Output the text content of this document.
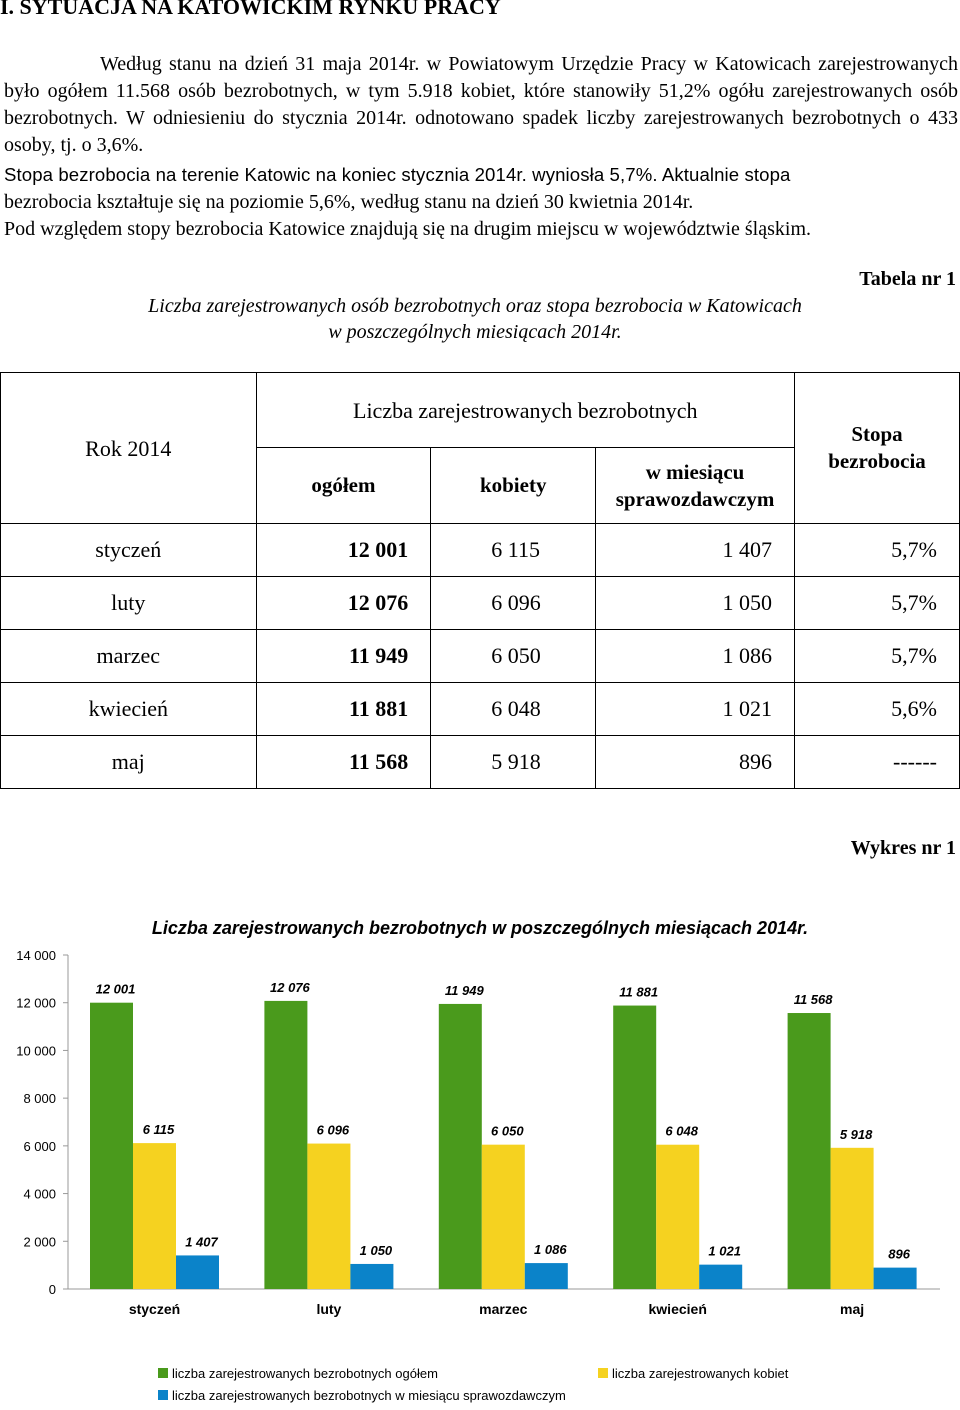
I. SYTUACJA NA KATOWICKIM RYNKU PRACY
Według stanu na dzień 31 maja 2014r. w Powiatowym Urzędzie Pracy w Katowicach zarejestrowanych było ogółem 11.568 osób bezrobotnych, w tym 5.918 kobiet, które stanowiły 51,2% ogółu zarejestrowanych osób bezrobotnych. W odniesieniu do stycznia 2014r. odnotowano spadek liczby zarejestrowanych bezrobotnych o 433 osoby, tj. o 3,6%.
Stopa bezrobocia na terenie Katowic na koniec stycznia 2014r. wyniosła 5,7%. Aktualnie stopa
bezrobocia kształtuje się na poziomie 5,6%, według stanu na dzień 30 kwietnia 2014r.
Pod względem stopy bezrobocia Katowice znajdują się na drugim miejscu w województwie śląskim.
Tabela nr 1
Liczba zarejestrowanych osób bezrobotnych oraz stopa bezrobocia w Katowicach
w poszczególnych miesiącach 2014r.
Rok 2014	Liczba zarejestrowanych bezrobotnych			Stopa bezrobocia
	ogółem	kobiety	w miesiącu sprawozdawczym	
styczeń	12 001	6 115	1 407	5,7%
luty	12 076	6 096	1 050	5,7%
marzec	11 949	6 050	1 086	5,7%
kwiecień	11 881	6 048	1 021	5,6%
maj	11 568	5 918	896	------
Wykres nr 1
Liczba zarejestrowanych bezrobotnych w poszczególnych miesiącach 2014r.
0
2 000
4 000
6 000
8 000
10 000
12 000
14 000
12 001
6 115
1 407
styczeń
12 076
6 096
1 050
luty
11 949
6 050
1 086
marzec
11 881
6 048
1 021
kwiecień
11 568
5 918
896
maj
liczba zarejestrowanych bezrobotnych ogółem	liczba zarejestrowanych kobiet
liczba zarejestrowanych bezrobotnych w miesiącu sprawozdawczym
